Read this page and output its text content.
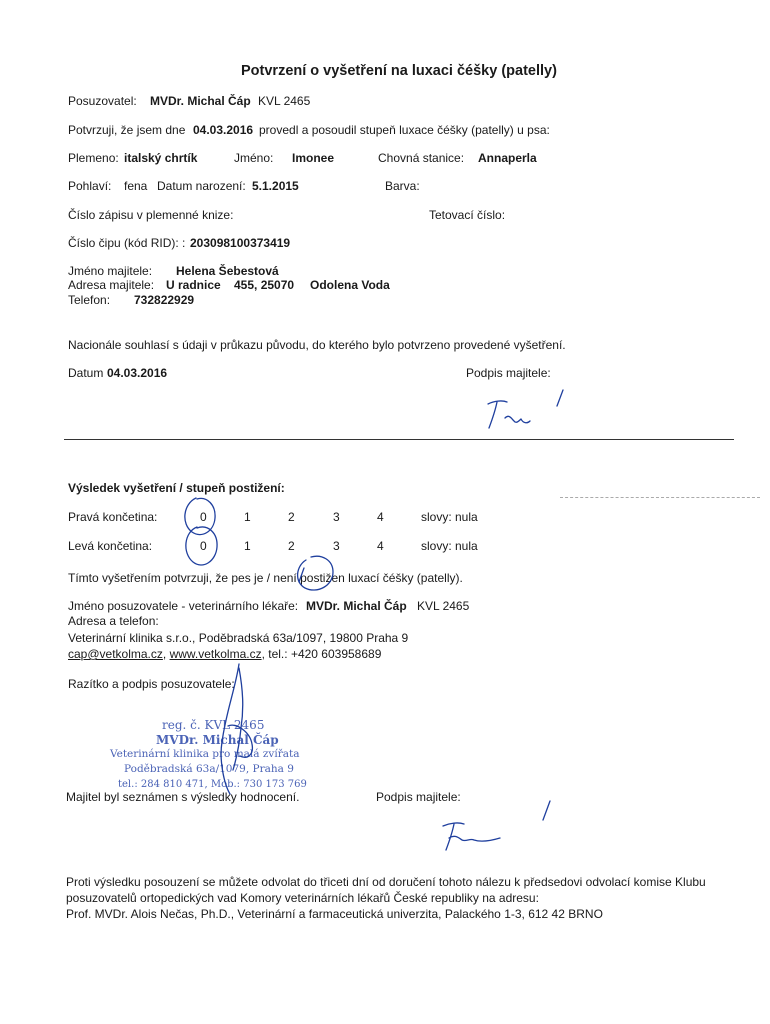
Potvrzení o vyšetření na luxaci čéšky (patelly)
Posuzovatel: MVDr. Michal Čáp KVL 2465
Potvrzuji, že jsem dne 04.03.2016 provedl a posoudil stupeň luxace čéšky (patelly) u psa:
Plemeno: italský chrtík	Jméno: Imonee	Chovná stanice: Annaperla
Pohlaví: fena Datum narození: 5.1.2015	Barva:
Číslo zápisu v plemenné knize:	Tetovací číslo:
Číslo čipu (kód RID): : 203098100373419
Jméno majitele: Helena Šebestová
Adresa majitele: U radnice 455, 25070 Odolena Voda
Telefon: 732822929
Nacionále souhlasí s údaji v průkazu původu, do kterého bylo potvrzeno provedené vyšetření.
Datum 04.03.2016	Podpis majitele:
Výsledek vyšetření / stupeň postižení:
Pravá končetina:	0	1	2	3	4	slovy: nula
Levá končetina:	0	1	2	3	4	slovy: nula
Tímto vyšetřením potvrzuji, že pes je / není postižen luxací čéšky (patelly).
Jméno posuzovatele - veterinárního lékaře: MVDr. Michal Čáp KVL 2465
Adresa a telefon:
Veterinární klinika s.r.o., Poděbradská 63a/1097, 19800 Praha 9
cap@vetkolma.cz, www.vetkolma.cz, tel.: +420 603958689
Razítko a podpis posuzovatele:
reg. č. KVL 2465
MVDr. Michal Čáp
Veterinární klinika pro malá zvířata
Poděbradská 63a/1079, Praha 9
tel.: 284 810 471, Mob.: 730 173 769
Majitel byl seznámen s výsledky hodnocení.	Podpis majitele:
Proti výsledku posouzení se můžete odvolat do třiceti dní od doručení tohoto nálezu k předsedovi odvolací komise Klubu
posuzovatelů ortopedických vad Komory veterinárních lékařů České republiky na adresu:
Prof. MVDr. Alois Nečas, Ph.D., Veterinární a farmaceutická univerzita, Palackého 1-3, 612 42 BRNO
